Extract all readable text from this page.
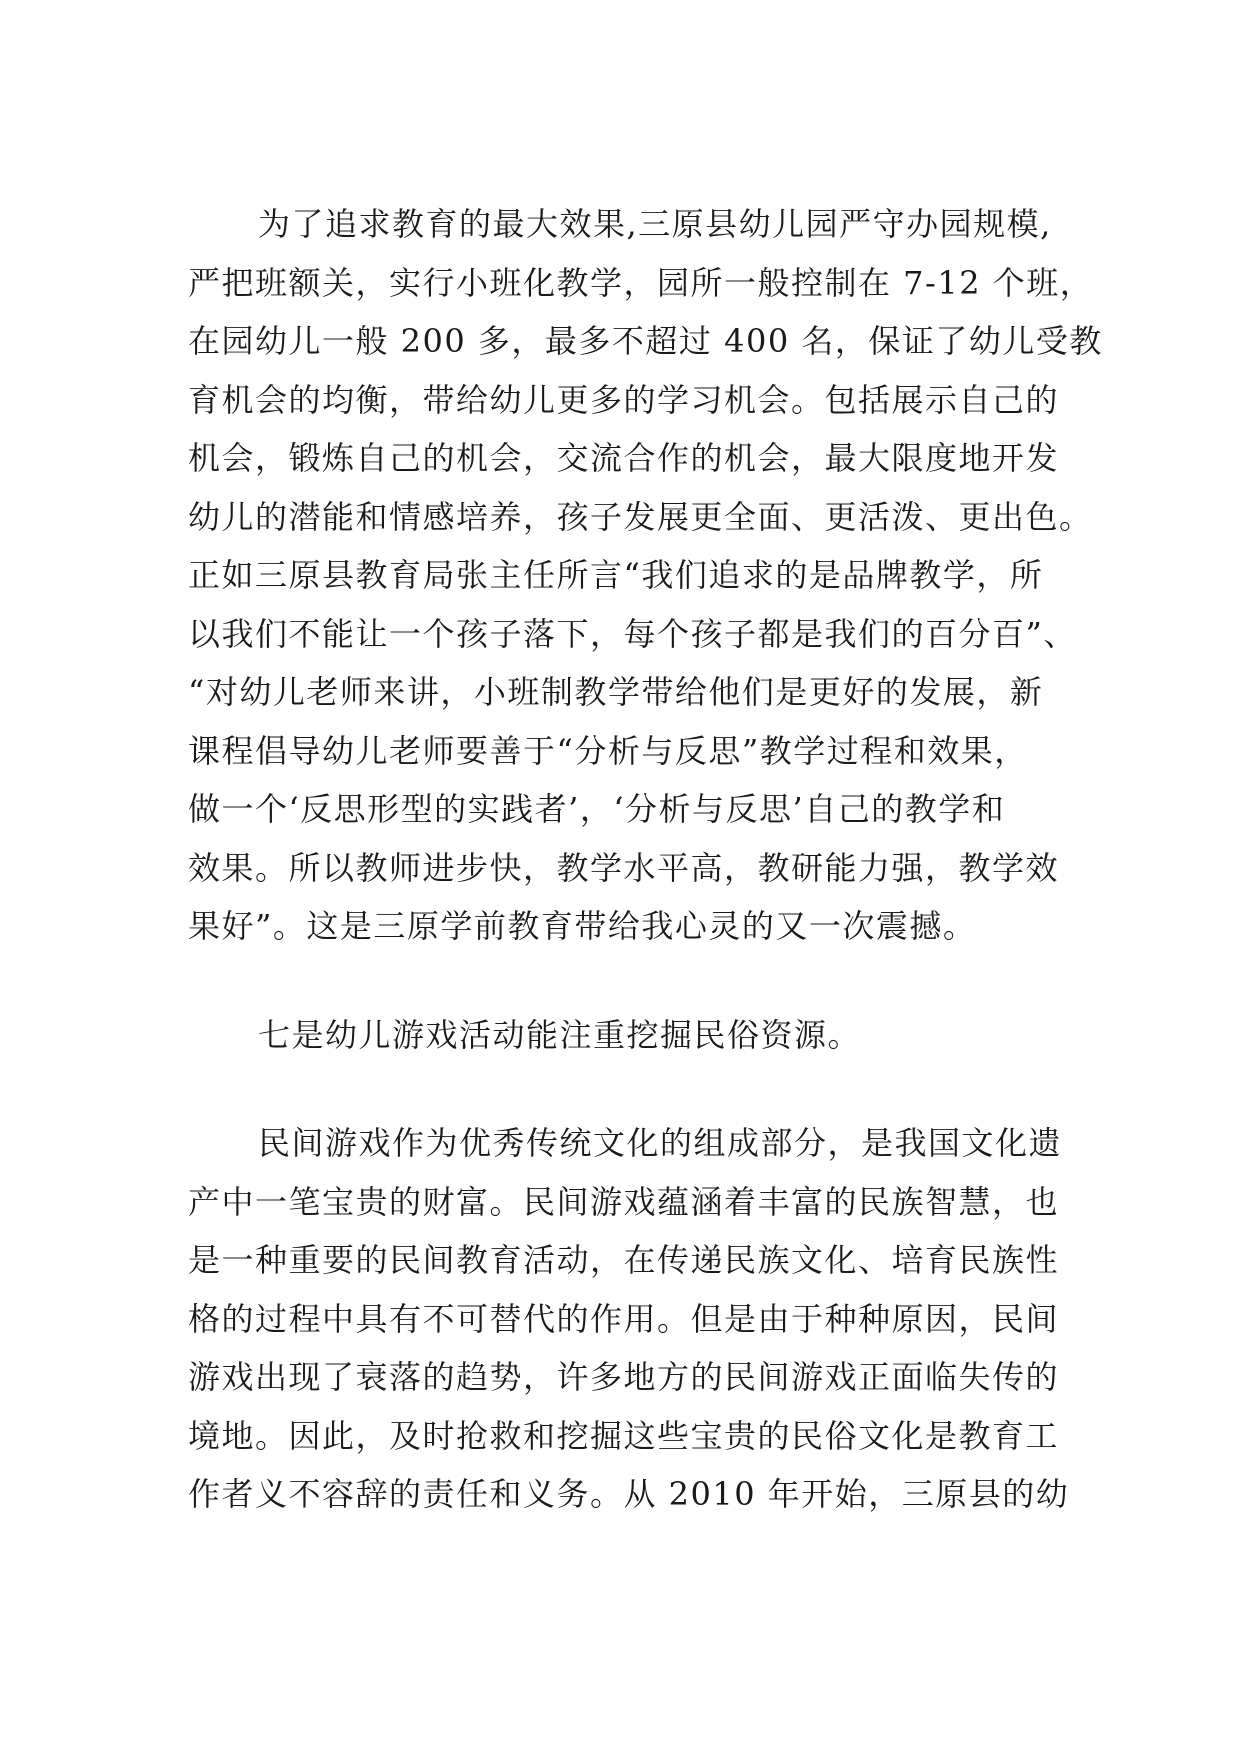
为了追求教育的最大效果,三原县幼儿园严守办园规模,
严把班额关，实行小班化教学，园所一般控制在 7-12 个班，
在园幼儿一般 200 多，最多不超过 400 名，保证了幼儿受教
育机会的均衡，带给幼儿更多的学习机会。包括展示自己的
机会，锻炼自己的机会，交流合作的机会，最大限度地开发
幼儿的潜能和情感培养，孩子发展更全面、更活泼、更出色。
正如三原县教育局张主任所言“我们追求的是品牌教学，所
以我们不能让一个孩子落下，每个孩子都是我们的百分百”、
“对幼儿老师来讲，小班制教学带给他们是更好的发展，新
课程倡导幼儿老师要善于“分析与反思”教学过程和效果，
做一个‘反思形型的实践者’，‘分析与反思’自己的教学和
效果。所以教师进步快，教学水平高，教研能力强，教学效
果好”。这是三原学前教育带给我心灵的又一次震撼。
七是幼儿游戏活动能注重挖掘民俗资源。
民间游戏作为优秀传统文化的组成部分，是我国文化遗
产中一笔宝贵的财富。民间游戏蕴涵着丰富的民族智慧，也
是一种重要的民间教育活动，在传递民族文化、培育民族性
格的过程中具有不可替代的作用。但是由于种种原因，民间
游戏出现了衰落的趋势，许多地方的民间游戏正面临失传的
境地。因此，及时抢救和挖掘这些宝贵的民俗文化是教育工
作者义不容辞的责任和义务。从 2010 年开始，三原县的幼
